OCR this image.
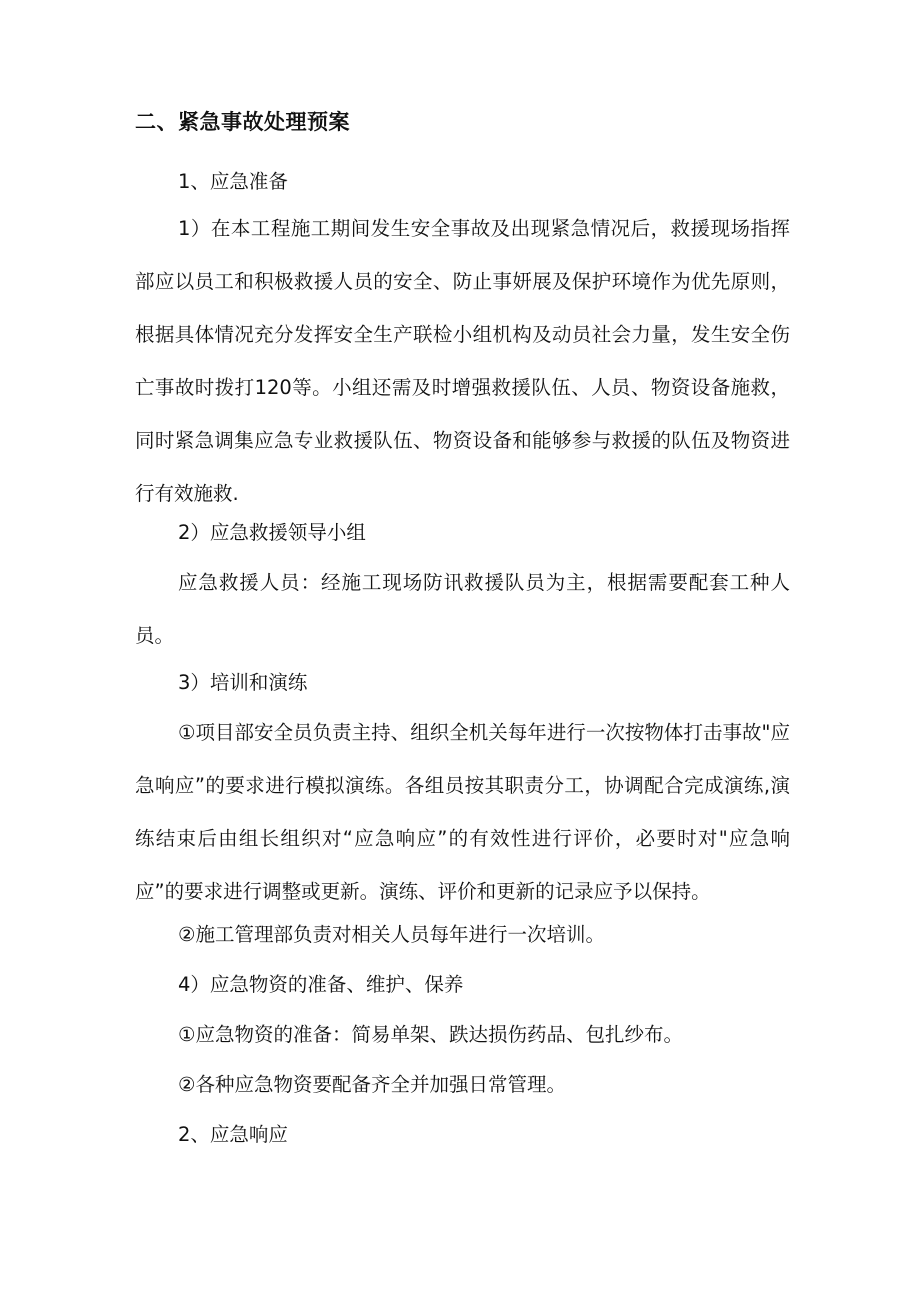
二、紧急事故处理预案

1、应急准备

1）在本工程施工期间发生安全事故及出现紧急情况后，救援现场指挥部应以员工和积极救援人员的安全、防止事妍展及保护环境作为优先原则，根据具体情况充分发挥安全生产联检小组机构及动员社会力量，发生安全伤亡事故时拨打120等。小组还需及时增强救援队伍、人员、物资设备施救，同时紧急调集应急专业救援队伍、物资设备和能够参与救援的队伍及物资进行有效施救.

2）应急救援领导小组

应急救援人员：经施工现场防讯救援队员为主，根据需要配套工种人员。

3）培训和演练

①项目部安全员负责主持、组织全机关每年进行一次按物体打击事故"应急响应”的要求进行模拟演练。各组员按其职责分工，协调配合完成演练,演练结束后由组长组织对“应急响应”的有效性进行评价，必要时对"应急响应”的要求进行调整或更新。演练、评价和更新的记录应予以保持。

②施工管理部负责对相关人员每年进行一次培训。

4）应急物资的准备、维护、保养

①应急物资的准备：简易单架、跌达损伤药品、包扎纱布。

②各种应急物资要配备齐全并加强日常管理。

2、应急响应
